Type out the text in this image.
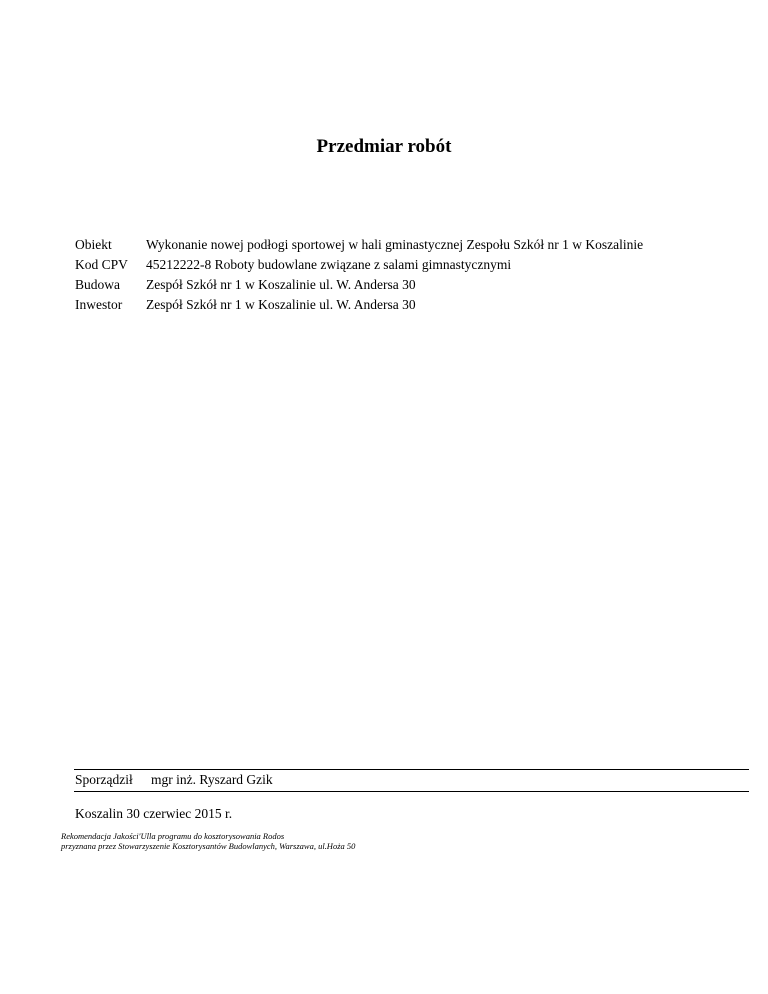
Przedmiar robót
Obiekt	Wykonanie nowej podłogi sportowej w hali gminastycznej Zespołu Szkół nr 1 w Koszalinie
Kod CPV	45212222-8 Roboty budowlane związane z salami gimnastycznymi
Budowa	Zespół Szkół nr 1 w Koszalinie ul. W. Andersa 30
Inwestor	Zespół Szkół nr 1 w Koszalinie ul. W. Andersa 30
Sporządził mgr inż. Ryszard Gzik
Koszalin 30 czerwiec 2015 r.
Rekomendacja Jakości'Ulla programu do kosztorysowania Rodos
przyznana przez Stowarzyszenie Kosztorysantów Budowlanych, Warszawa, ul.Hoża 50
